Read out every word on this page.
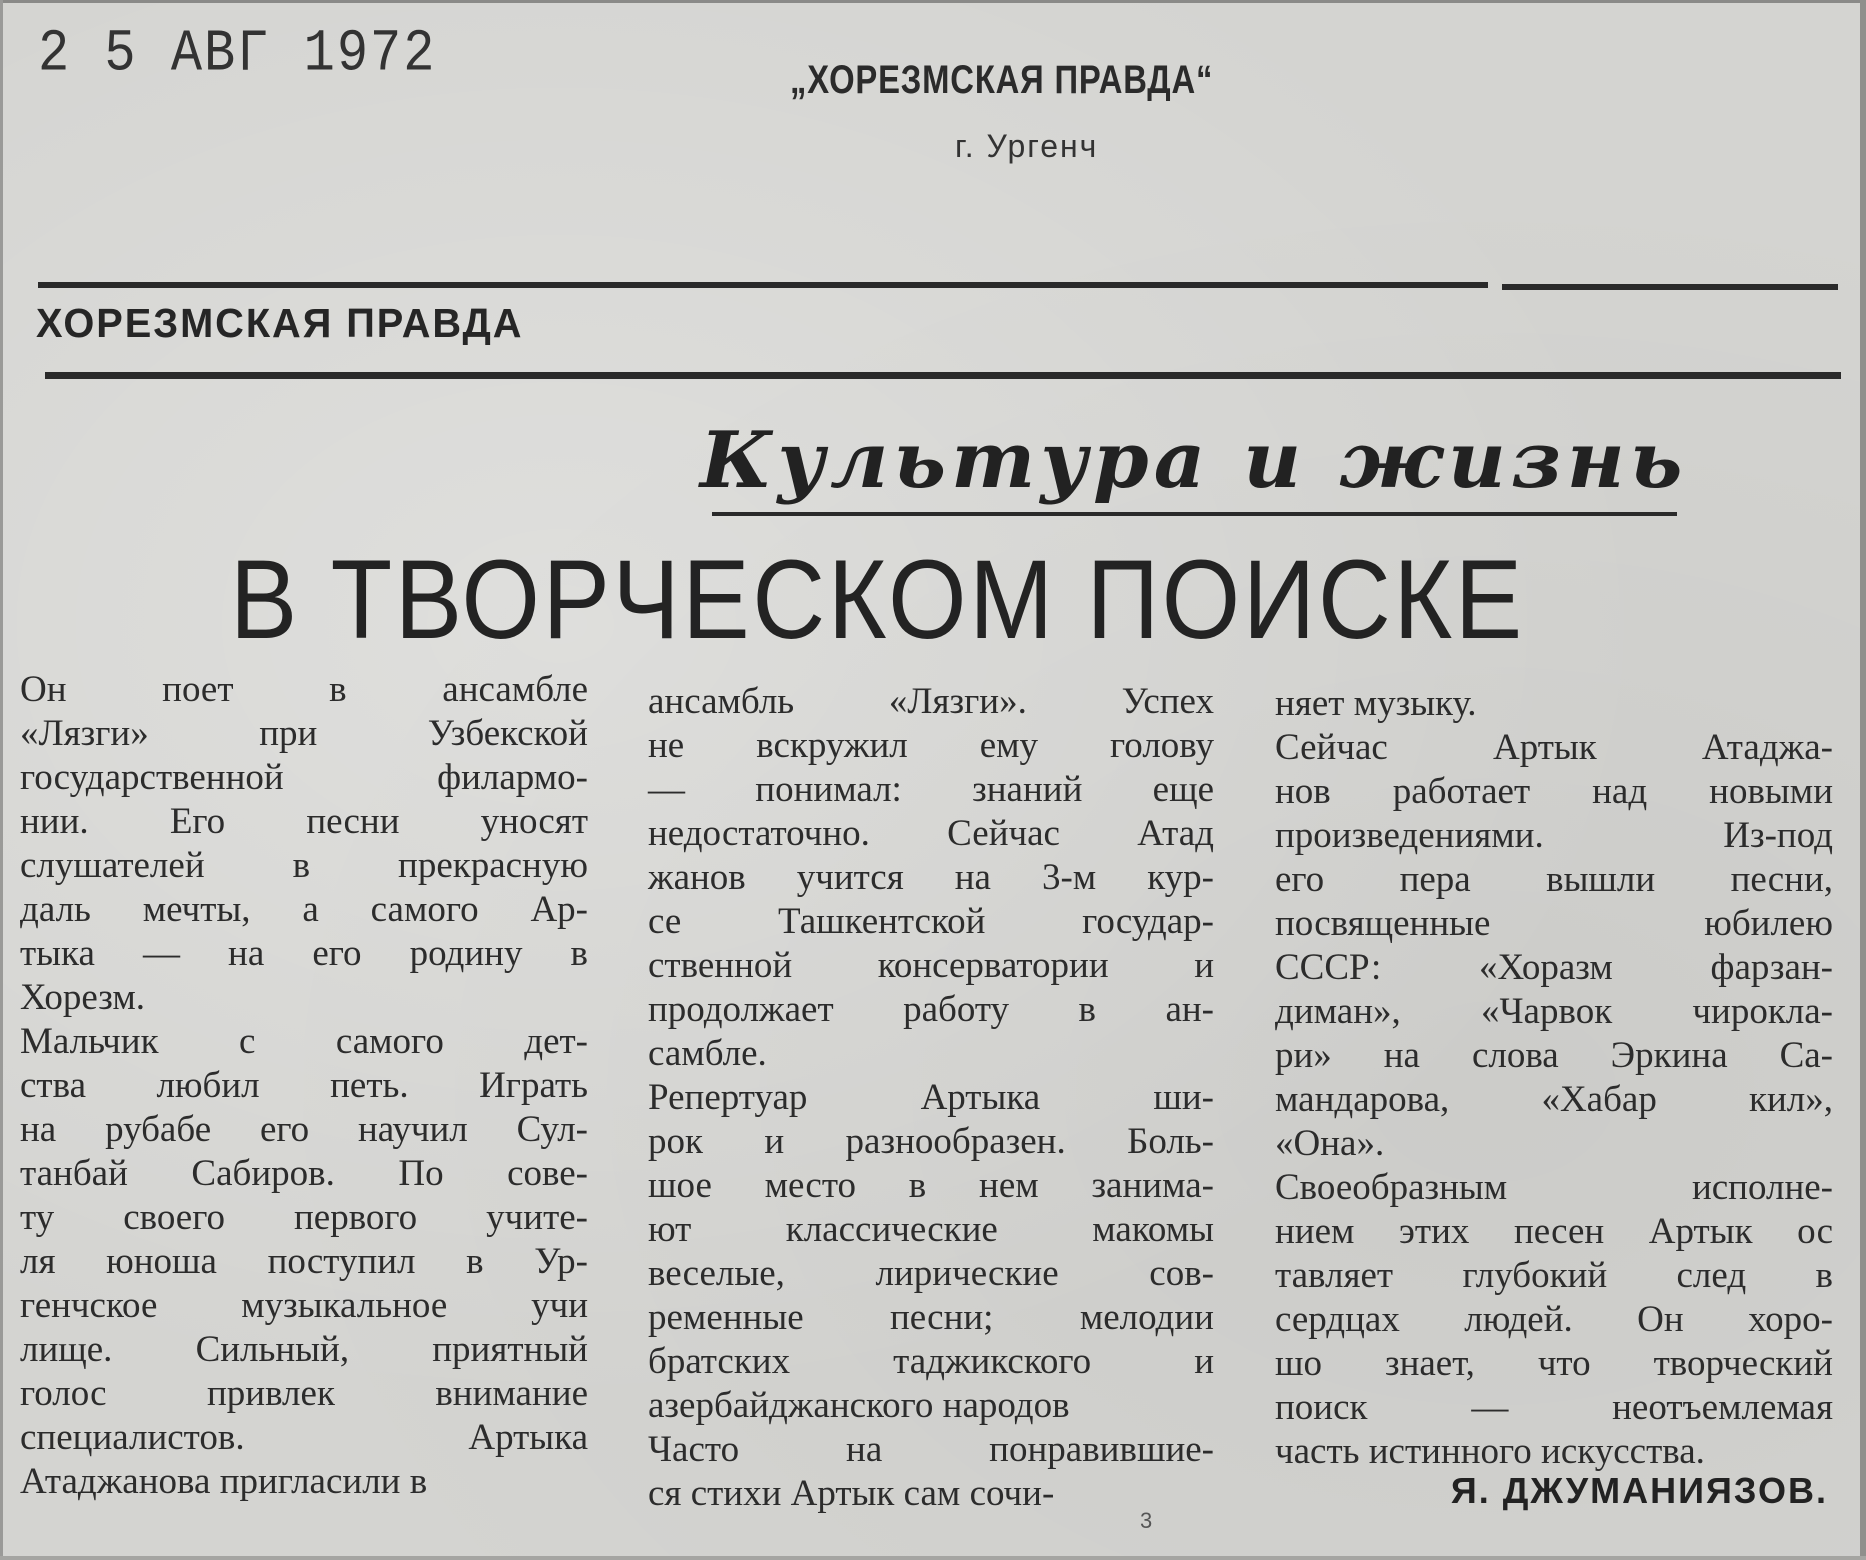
2 5 АВГ 1972	„ХОРЕЗМСКАЯ ПРАВДА“
г. Ургенч
ХОРЕЗМСКАЯ ПРАВДА
Культура и жизнь
В ТВОРЧЕСКОМ ПОИСКЕ
Он поет в ансамбле
«Лязги» при Узбекской
государственной филармо-
нии. Его песни уносят
слушателей в прекрасную
даль мечты, а самого Ар-
тыка — на его родину в
Хорезм.
Мальчик с самого дет-
ства любил петь. Играть
на рубабе его научил Сул-
танбай Сабиров. По сове-
ту своего первого учите-
ля юноша поступил в Ур-
генчское музыкальное учи
лище. Сильный, приятный
голос привлек внимание
специалистов. Артыка
Атаджанова пригласили в
ансамбль «Лязги». Успех
не вскружил ему голову
— понимал: знаний еще
недостаточно. Сейчас Атад
жанов учится на 3-м кур-
се Ташкентской государ-
ственной консерватории и
продолжает работу в ан-
самбле.
Репертуар Артыка ши-
рок и разнообразен. Боль-
шое место в нем занима-
ют классические макомы
веселые, лирические сов-
ременные песни; мелодии
братских таджикского и
азербайджанского народов
Часто на понравившие-
ся стихи Артык сам сочи-
няет музыку.
Сейчас Артык Атаджа-
нов работает над новыми
произведениями. Из-под
его пера вышли песни,
посвященные юбилею
СССР: «Хоразм фарзан-
диман», «Чарвок чирокла-
ри» на слова Эркина Са-
мандарова, «Хабар кил»,
«Она».
Своеобразным исполне-
нием этих песен Артык ос
тавляет глубокий след в
сердцах людей. Он хоро-
шо знает, что творческий
поиск — неотъемлемая
часть истинного искусства.
Я. ДЖУМАНИЯЗОВ.
3
